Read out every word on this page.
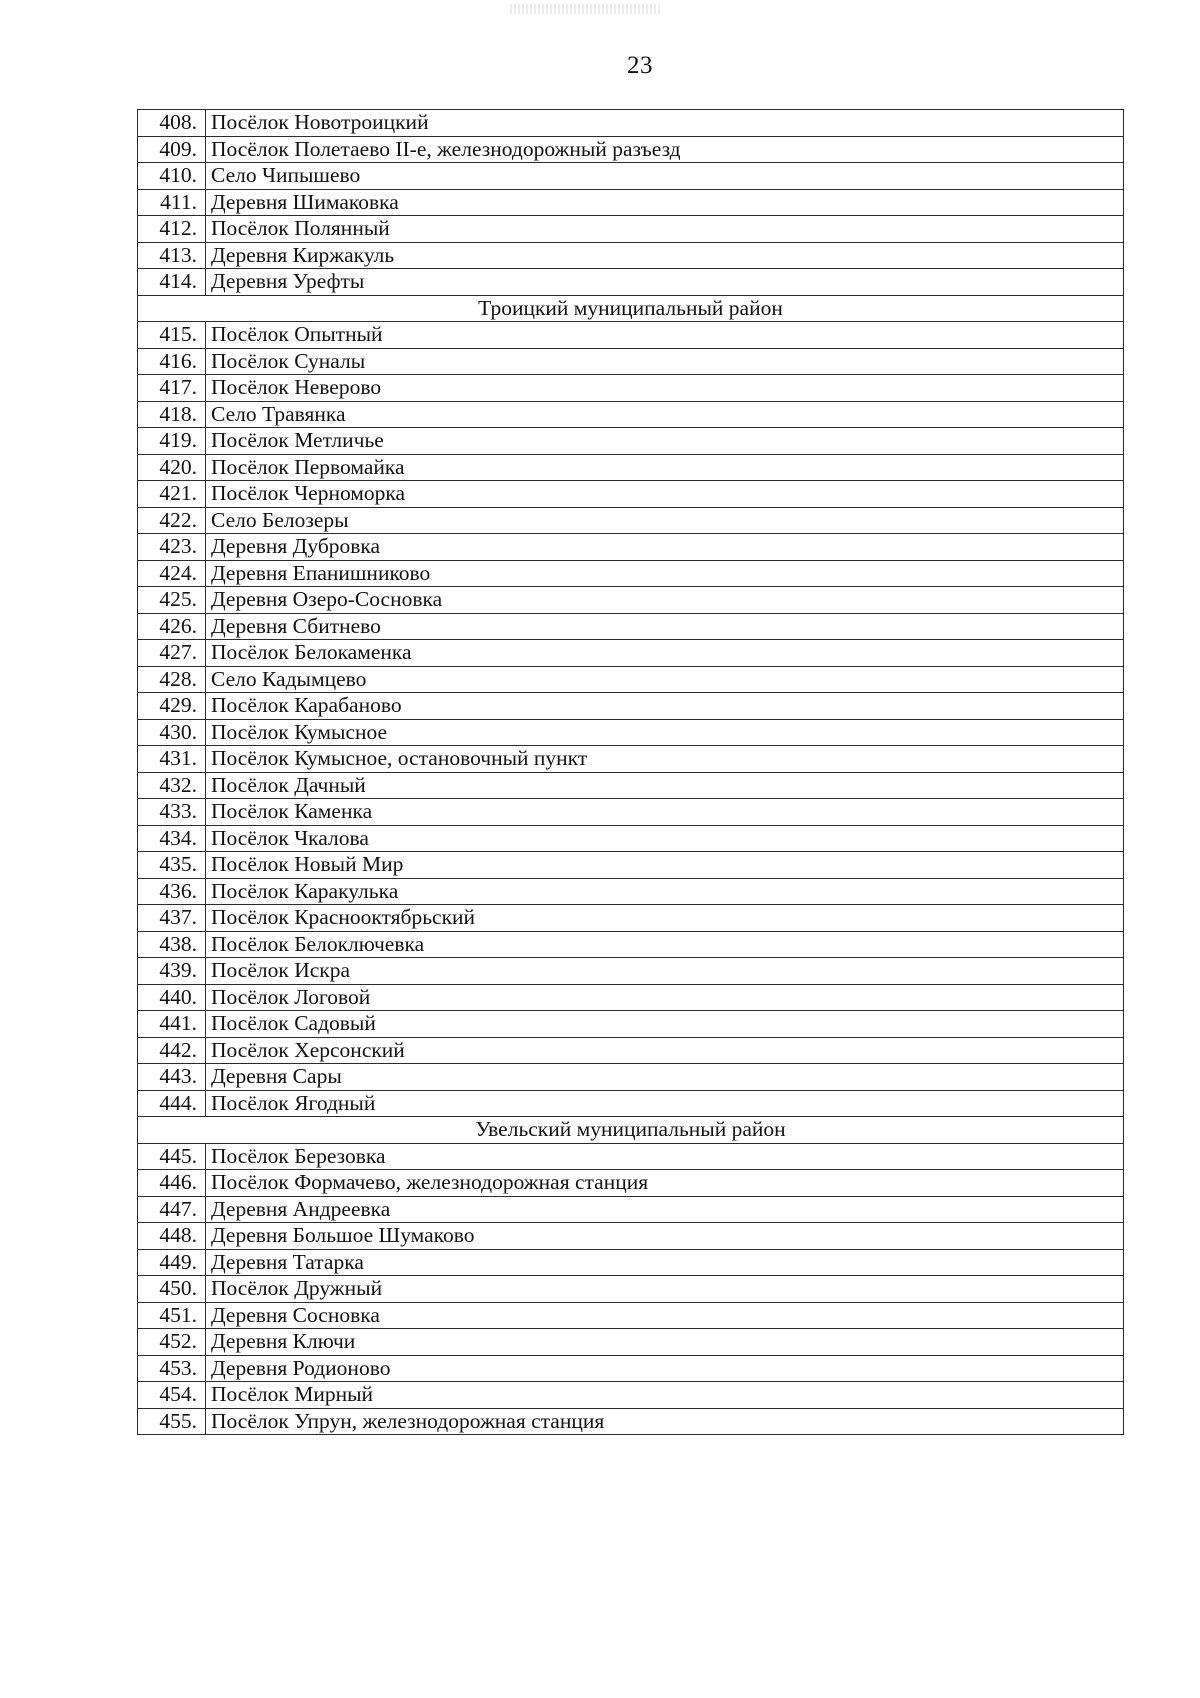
23
408.	Посёлок Новотроицкий
409.	Посёлок Полетаево II-е, железнодорожный разъезд
410.	Село Чипышево
411.	Деревня Шимаковка
412.	Посёлок Полянный
413.	Деревня Киржакуль
414.	Деревня Урефты
Троицкий муниципальный район	
415.	Посёлок Опытный
416.	Посёлок Суналы
417.	Посёлок Неверово
418.	Село Травянка
419.	Посёлок Метличье
420.	Посёлок Первомайка
421.	Посёлок Черноморка
422.	Село Белозеры
423.	Деревня Дубровка
424.	Деревня Епанишниково
425.	Деревня Озеро-Сосновка
426.	Деревня Сбитнево
427.	Посёлок Белокаменка
428.	Село Кадымцево
429.	Посёлок Карабаново
430.	Посёлок Кумысное
431.	Посёлок Кумысное, остановочный пункт
432.	Посёлок Дачный
433.	Посёлок Каменка
434.	Посёлок Чкалова
435.	Посёлок Новый Мир
436.	Посёлок Каракулька
437.	Посёлок Краснооктябрьский
438.	Посёлок Белоключевка
439.	Посёлок Искра
440.	Посёлок Логовой
441.	Посёлок Садовый
442.	Посёлок Херсонский
443.	Деревня Сары
444.	Посёлок Ягодный
Увельский муниципальный район	
445.	Посёлок Березовка
446.	Посёлок Формачево, железнодорожная станция
447.	Деревня Андреевка
448.	Деревня Большое Шумаково
449.	Деревня Татарка
450.	Посёлок Дружный
451.	Деревня Сосновка
452.	Деревня Ключи
453.	Деревня Родионово
454.	Посёлок Мирный
455.	Посёлок Упрун, железнодорожная станция
